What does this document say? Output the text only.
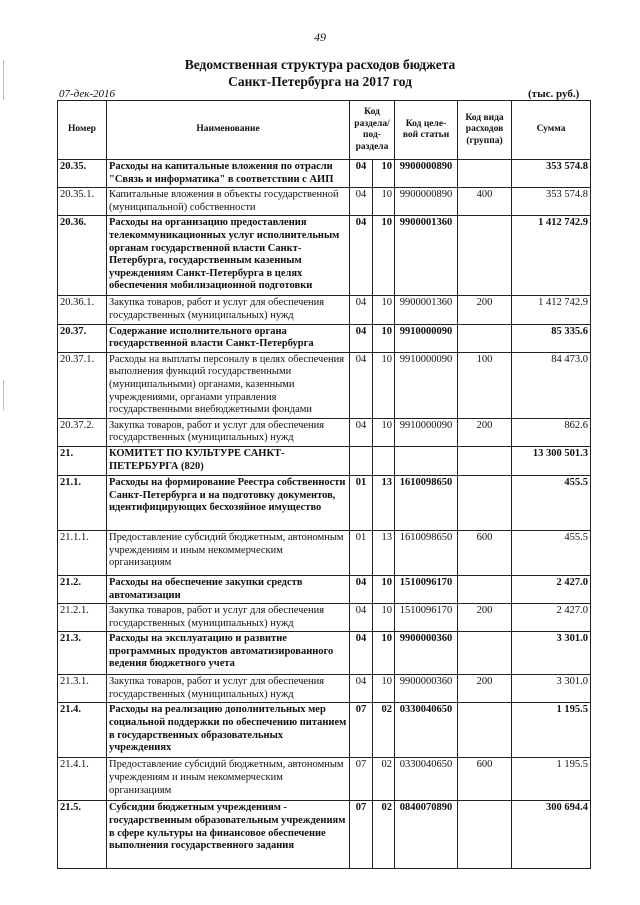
49
Ведомственная структура расходов бюджета
Санкт-Петербурга на 2017 год
07-дек-2016	(тыс. руб.)
Номер	Наименование	Код раздела/ под- раздела		Код целе- вой статьи	Код вида расходов (группа)	Сумма
20.35.	Расходы на капитальные вложения по отрасли "Связь и информатика" в соответствии с АИП	04	10	9900000890		353 574.8
20.35.1.	Капитальные вложения в объекты государственной (муниципальной) собственности	04	10	9900000890	400	353 574.8
20.36.	Расходы на организацию предоставления телекоммуникационных услуг исполнительным органам государственной власти Санкт-Петербурга, государственным казенным учреждениям Санкт-Петербурга в целях обеспечения мобилизационной подготовки	04	10	9900001360		1 412 742.9
20.36.1.	Закупка товаров, работ и услуг для обеспечения государственных (муниципальных) нужд	04	10	9900001360	200	1 412 742.9
20.37.	Содержание исполнительного органа государственной власти Санкт-Петербурга	04	10	9910000090		85 335.6
20.37.1.	Расходы на выплаты персоналу в целях обеспечения выполнения функций государственными (муниципальными) органами, казенными учреждениями, органами управления государственными внебюджетными фондами	04	10	9910000090	100	84 473.0
20.37.2.	Закупка товаров, работ и услуг для обеспечения государственных (муниципальных) нужд	04	10	9910000090	200	862.6
21.	КОМИТЕТ ПО КУЛЬТУРЕ САНКТ-ПЕТЕРБУРГА (820)					13 300 501.3
21.1.	Расходы на формирование Реестра собственности Санкт-Петербурга и на подготовку документов, идентифицирующих бесхозяйное имущество	01	13	1610098650		455.5
21.1.1.	Предоставление субсидий бюджетным, автономным учреждениям и иным некоммерческим организациям	01	13	1610098650	600	455.5
21.2.	Расходы на обеспечение закупки средств автоматизации	04	10	1510096170		2 427.0
21.2.1.	Закупка товаров, работ и услуг для обеспечения государственных (муниципальных) нужд	04	10	1510096170	200	2 427.0
21.3.	Расходы на эксплуатацию и развитие программных продуктов автоматизированного ведения бюджетного учета	04	10	9900000360		3 301.0
21.3.1.	Закупка товаров, работ и услуг для обеспечения государственных (муниципальных) нужд	04	10	9900000360	200	3 301.0
21.4.	Расходы на реализацию дополнительных мер социальной поддержки по обеспечению питанием в государственных образовательных учреждениях	07	02	0330040650		1 195.5
21.4.1.	Предоставление субсидий бюджетным, автономным учреждениям и иным некоммерческим организациям	07	02	0330040650	600	1 195.5
21.5.	Субсидии бюджетным учреждениям - государственным образовательным учреждениям в сфере культуры на финансовое обеспечение выполнения государственного задания	07	02	0840070890		300 694.4
